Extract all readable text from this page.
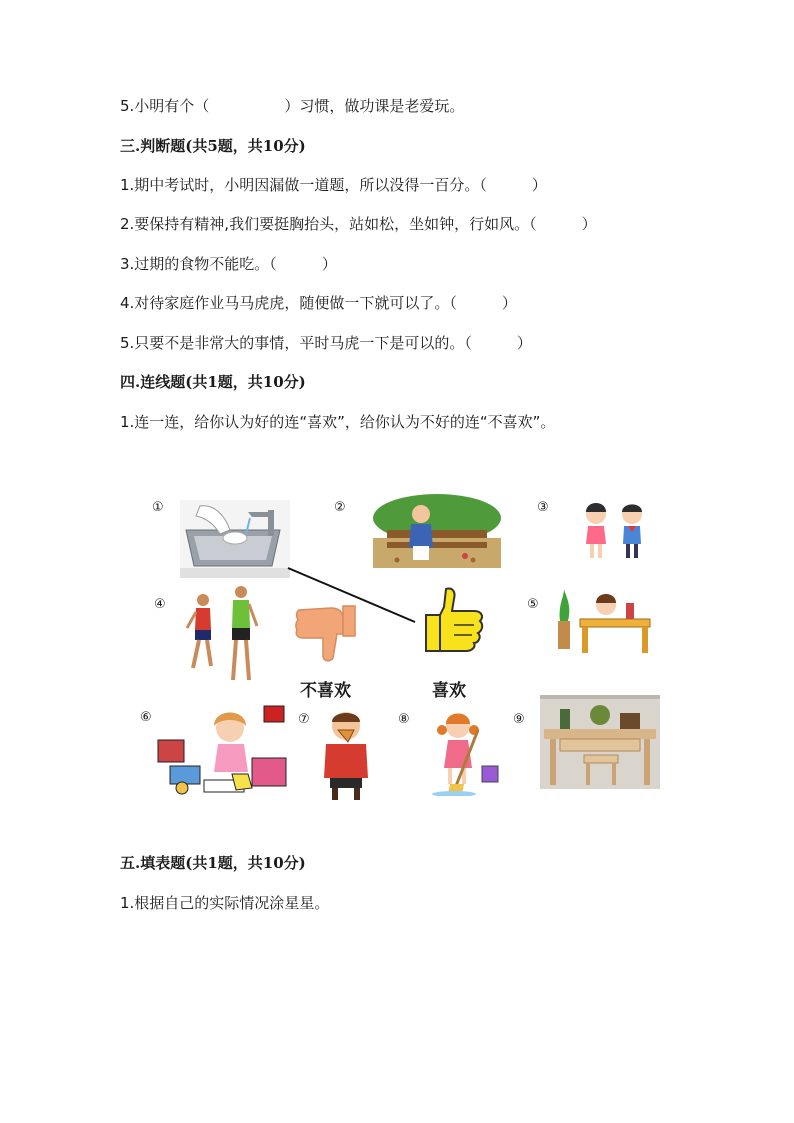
5.小明有个（　　　　　）习惯，做功课是老爱玩。
三.判断题(共5题，共10分)
1.期中考试时，小明因漏做一道题，所以没得一百分。（　　　）
2.要保持有精神,我们要挺胸抬头，站如松，坐如钟，行如风。（　　　）
3.过期的食物不能吃。（　　　）
4.对待家庭作业马马虎虎，随便做一下就可以了。（　　　）
5.只要不是非常大的事情，平时马虎一下是可以的。（　　　）
四.连线题(共1题，共10分)
1.连一连，给你认为好的连“喜欢”，给你认为不好的连“不喜欢”。
①	②	③
④	⑤
⑥	⑦	⑧	⑨
不喜欢	喜欢
五.填表题(共1题，共10分)
1.根据自己的实际情况涂星星。
